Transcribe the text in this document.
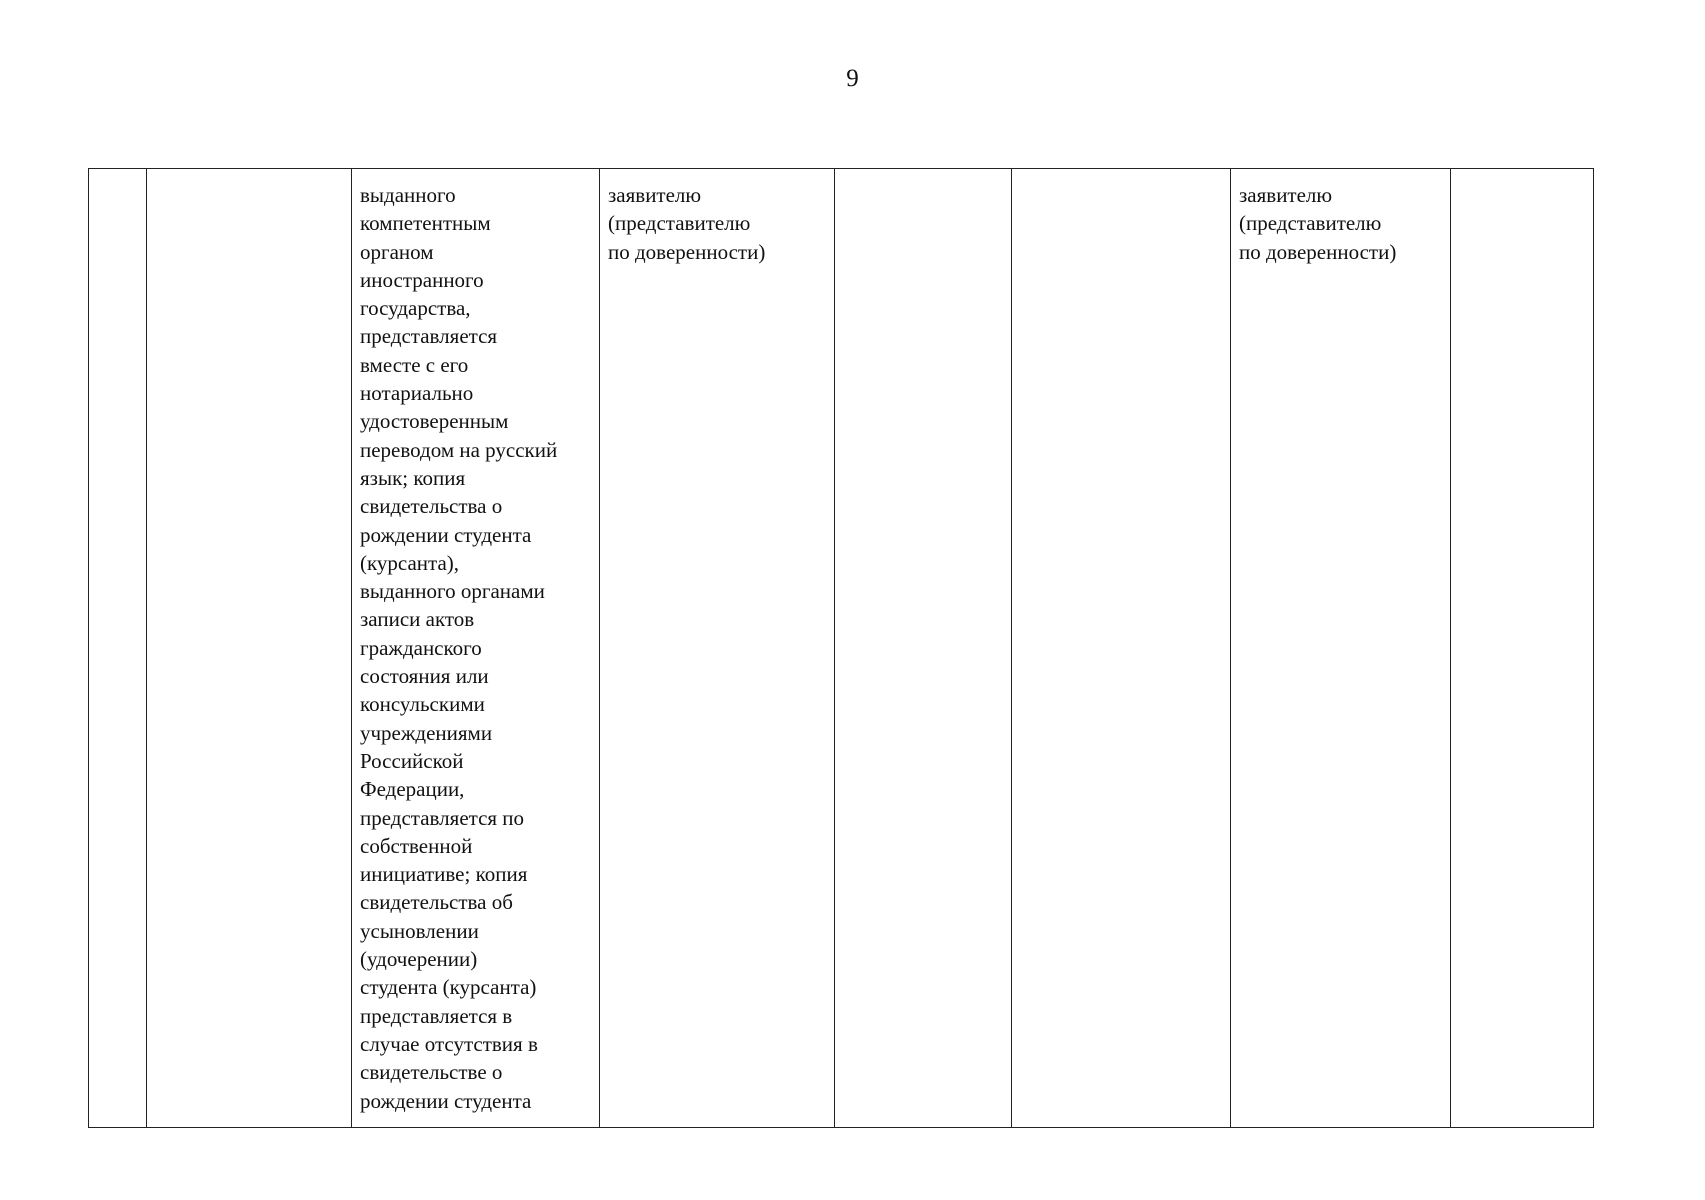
9
		выданного
компетентным
органом
иностранного
государства,
представляется
вместе с его
нотариально
удостоверенным
переводом на русский
язык; копия
свидетельства о
рождении студента
(курсанта),
выданного органами
записи актов
гражданского
состояния или
консульскими
учреждениями
Российской
Федерации,
представляется по
собственной
инициативе; копия
свидетельства об
усыновлении
(удочерении)
студента (курсанта)
представляется в
случае отсутствия в
свидетельстве о
рождении студента	заявителю
(представителю
по доверенности)			заявителю
(представителю
по доверенности)	
